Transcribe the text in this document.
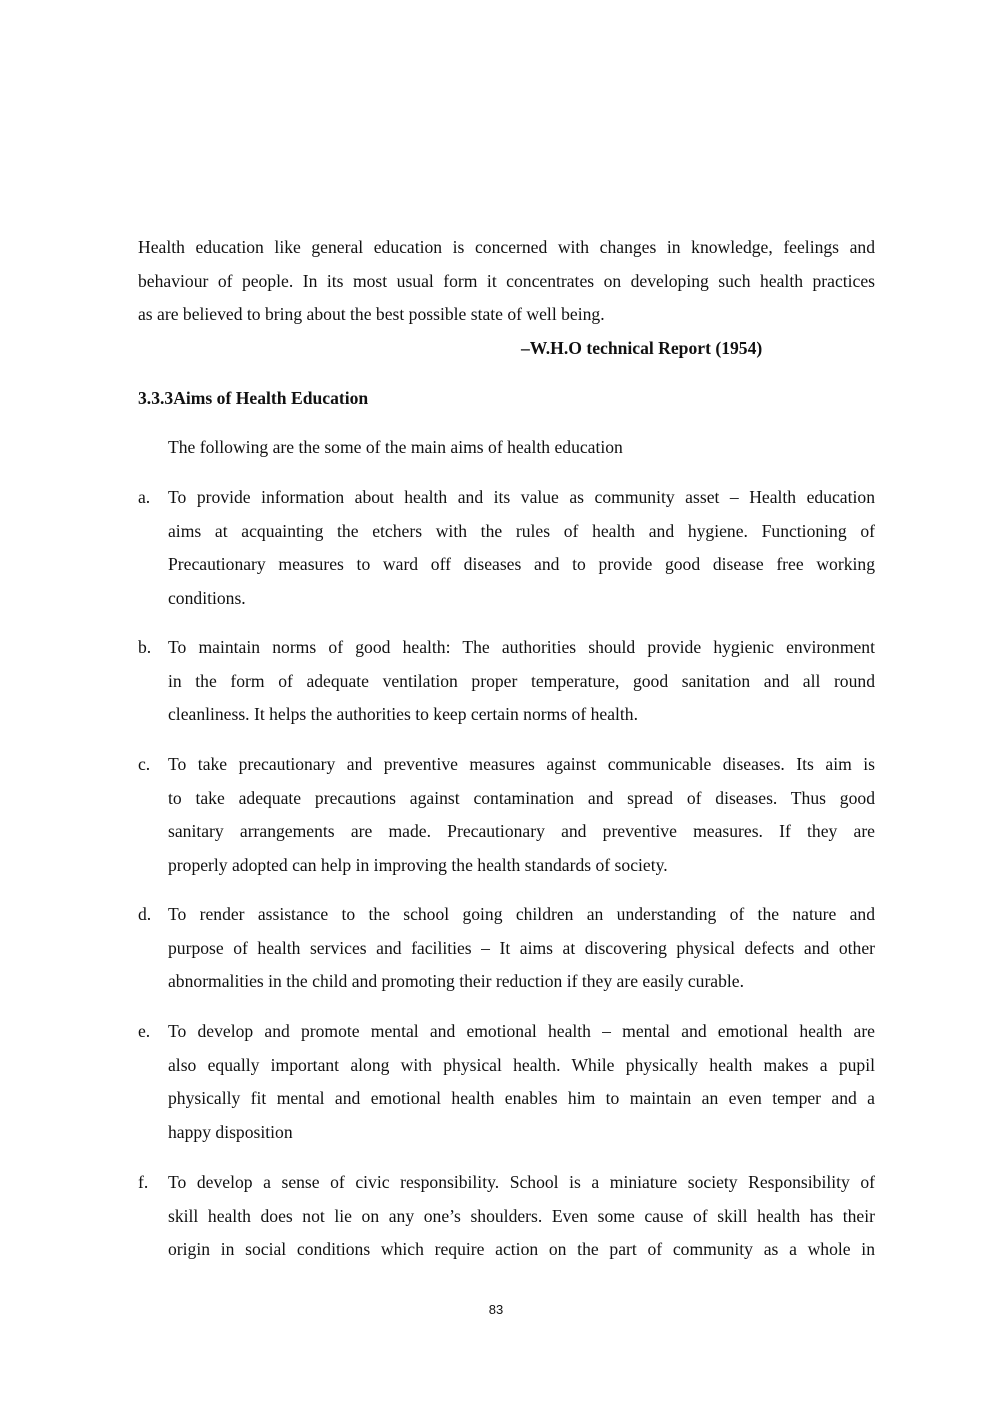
Health education like general education is concerned with changes in knowledge, feelings and
behaviour of people. In its most usual form it concentrates on developing such health practices
as are believed to bring about the best possible state of well being.
–W.H.O technical Report (1954)
3.3.3Aims of Health Education
The following are the some of the main aims of health education
a. To provide information about health and its value as community asset – Health education
aims at acquainting the etchers with the rules of health and hygiene. Functioning of
Precautionary measures to ward off diseases and to provide good disease free working
conditions.
b. To maintain norms of good health: The authorities should provide hygienic environment
in the form of adequate ventilation proper temperature, good sanitation and all round
cleanliness. It helps the authorities to keep certain norms of health.
c. To take precautionary and preventive measures against communicable diseases. Its aim is
to take adequate precautions against contamination and spread of diseases. Thus good
sanitary arrangements are made. Precautionary and preventive measures. If they are
properly adopted can help in improving the health standards of society.
d. To render assistance to the school going children an understanding of the nature and
purpose of health services and facilities – It aims at discovering physical defects and other
abnormalities in the child and promoting their reduction if they are easily curable.
e. To develop and promote mental and emotional health – mental and emotional health are
also equally important along with physical health. While physically health makes a pupil
physically fit mental and emotional health enables him to maintain an even temper and a
happy disposition
f. To develop a sense of civic responsibility. School is a miniature society Responsibility of
skill health does not lie on any one’s shoulders. Even some cause of skill health has their
origin in social conditions which require action on the part of community as a whole in
83
